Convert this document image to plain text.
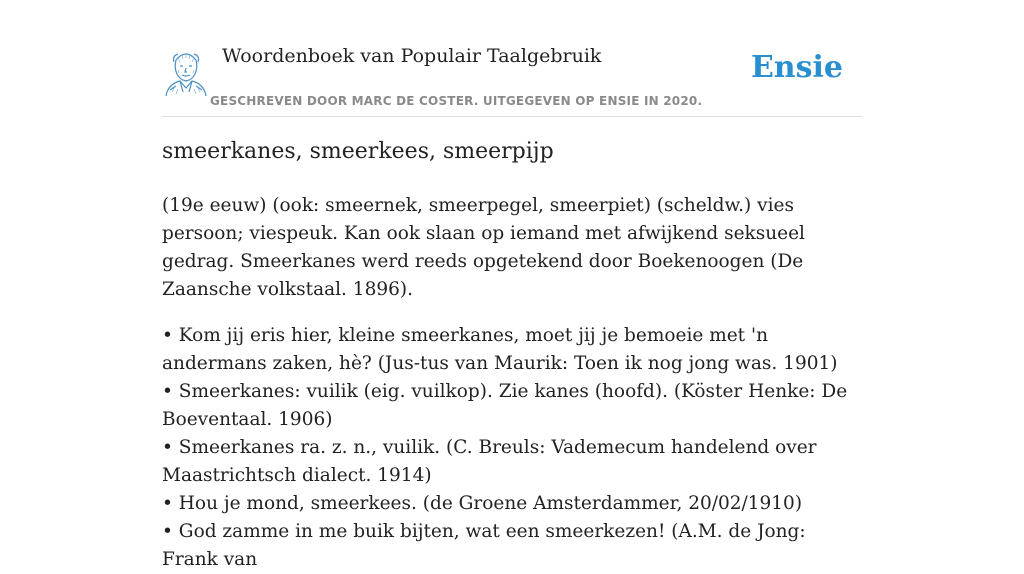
Woordenboek van Populair Taalgebruik
GESCHREVEN DOOR MARC DE COSTER. UITGEGEVEN OP ENSIE IN 2020.
Ensie
smeerkanes, smeerkees, smeerpijp

(19e eeuw) (ook: smeernek, smeerpegel, smeerpiet) (scheldw.) vies persoon; viespeuk. Kan ook slaan op iemand met afwijkend seksueel gedrag. Smeerkanes werd reeds opgetekend door Boekenoogen (De Zaansche volkstaal. 1896).

• Kom jij eris hier, kleine smeerkanes, moet jij je bemoeie met 'n andermans zaken, hè? (Jus-tus van Maurik: Toen ik nog jong was. 1901)

• Smeerkanes: vuilik (eig. vuilkop). Zie kanes (hoofd). (Köster Henke: De Boeventaal. 1906)

• Smeerkanes ra. z. n., vuilik. (C. Breuls: Vademecum handelend over Maastrichtsch dialect. 1914)

• Hou je mond, smeerkees. (de Groene Amsterdammer, 20/02/1910)

• God zamme in me buik bijten, wat een smeerkezen! (A.M. de Jong: Frank van
